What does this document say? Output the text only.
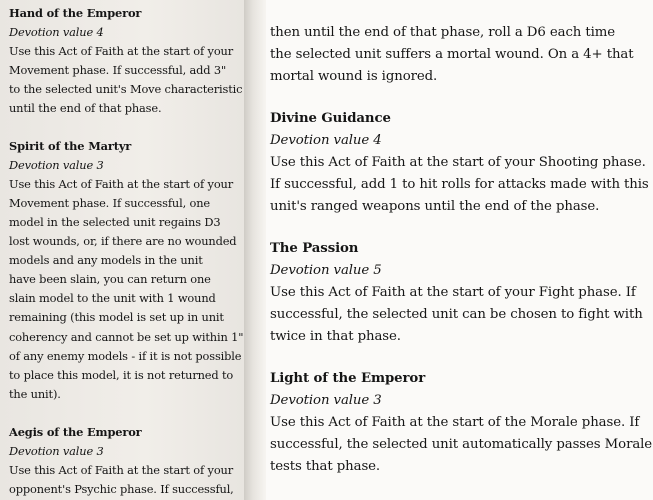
Hand of the Emperor
Devotion value 4
Use this Act of Faith at the start of your
Movement phase. If successful, add 3"
to the selected unit's Move characteristic
until the end of that phase.
Spirit of the Martyr
Devotion value 3
Use this Act of Faith at the start of your
Movement phase. If successful, one
model in the selected unit regains D3
lost wounds, or, if there are no wounded
models and any models in the unit
have been slain, you can return one
slain model to the unit with 1 wound
remaining (this model is set up in unit
coherency and cannot be set up within 1"
of any enemy models - if it is not possible
to place this model, it is not returned to
the unit).
Aegis of the Emperor
Devotion value 3
Use this Act of Faith at the start of your
opponent's Psychic phase. If successful,
then until the end of that phase, roll a D6 each time
the selected unit suffers a mortal wound. On a 4+ that
mortal wound is ignored.
Divine Guidance
Devotion value 4
Use this Act of Faith at the start of your Shooting phase.
If successful, add 1 to hit rolls for attacks made with this
unit's ranged weapons until the end of the phase.
The Passion
Devotion value 5
Use this Act of Faith at the start of your Fight phase. If
successful, the selected unit can be chosen to fight with
twice in that phase.
Light of the Emperor
Devotion value 3
Use this Act of Faith at the start of the Morale phase. If
successful, the selected unit automatically passes Morale
tests that phase.
